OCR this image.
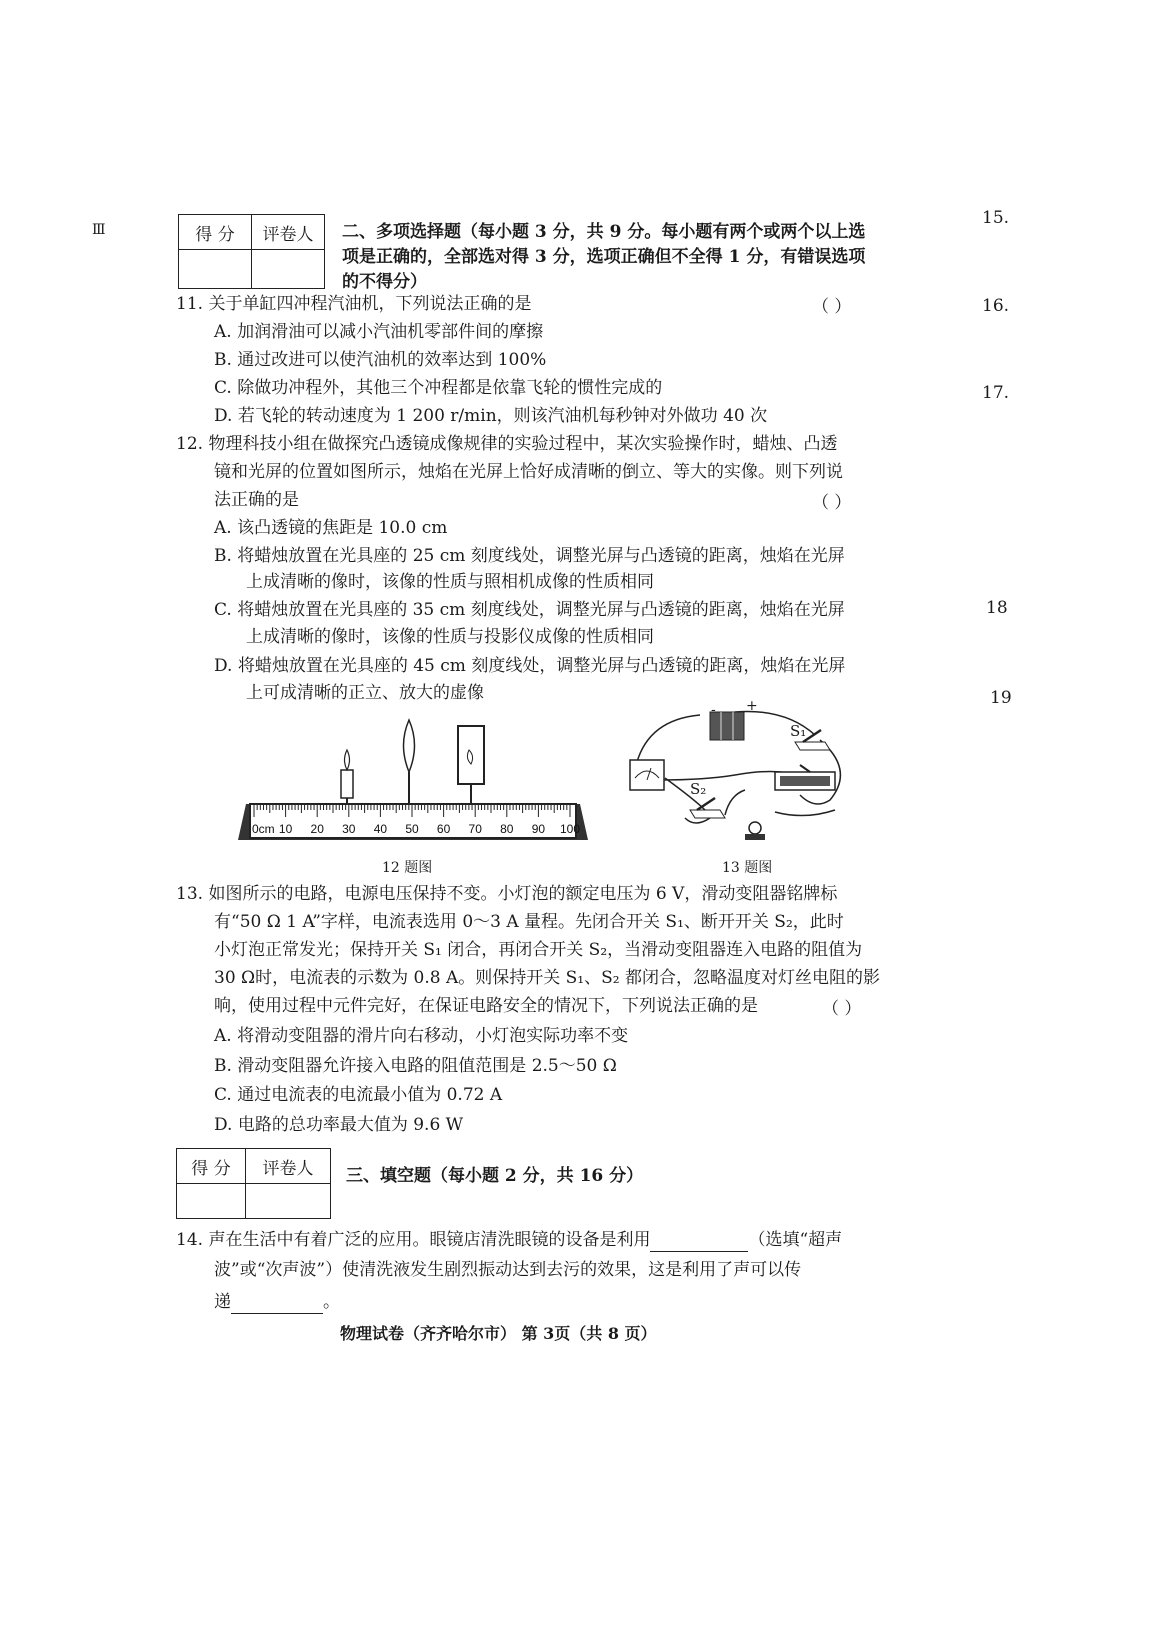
Ⅲ	得 分	评卷人
	二、多项选择题（每小题 3 分，共 9 分。每小题有两个或两个以上选
项是正确的，全部选对得 3 分，选项正确但不全得 1 分，有错误选项
的不得分）
11. 关于单缸四冲程汽油机，下列说法正确的是	（ ）
A. 加润滑油可以减小汽油机零部件间的摩擦
B. 通过改进可以使汽油机的效率达到 100%
C. 除做功冲程外，其他三个冲程都是依靠飞轮的惯性完成的
D. 若飞轮的转动速度为 1 200 r/min，则该汽油机每秒钟对外做功 40 次
12. 物理科技小组在做探究凸透镜成像规律的实验过程中，某次实验操作时，蜡烛、凸透
镜和光屏的位置如图所示，烛焰在光屏上恰好成清晰的倒立、等大的实像。则下列说
法正确的是	（ ）
A. 该凸透镜的焦距是 10.0 cm
B. 将蜡烛放置在光具座的 25 cm 刻度线处，调整光屏与凸透镜的距离，烛焰在光屏
上成清晰的像时，该像的性质与照相机成像的性质相同
C. 将蜡烛放置在光具座的 35 cm 刻度线处，调整光屏与凸透镜的距离，烛焰在光屏
上成清晰的像时，该像的性质与投影仪成像的性质相同
D. 将蜡烛放置在光具座的 45 cm 刻度线处，调整光屏与凸透镜的距离，烛焰在光屏
上可成清晰的正立、放大的虚像
0cm 10 20 30 40 50 60 70 80 90 100
12 题图
- +
S₁
S₂
13 题图
13. 如图所示的电路，电源电压保持不变。小灯泡的额定电压为 6 V，滑动变阻器铭牌标
有“50 Ω 1 A”字样，电流表选用 0～3 A 量程。先闭合开关 S₁、断开开关 S₂，此时
小灯泡正常发光；保持开关 S₁ 闭合，再闭合开关 S₂，当滑动变阻器连入电路的阻值为
30 Ω时，电流表的示数为 0.8 A。则保持开关 S₁、S₂ 都闭合，忽略温度对灯丝电阻的影
响，使用过程中元件完好，在保证电路安全的情况下，下列说法正确的是	（ ）
A. 将滑动变阻器的滑片向右移动，小灯泡实际功率不变
B. 滑动变阻器允许接入电路的阻值范围是 2.5～50 Ω
C. 通过电流表的电流最小值为 0.72 A
D. 电路的总功率最大值为 9.6 W
得 分	评卷人
	三、填空题（每小题 2 分，共 16 分）
14. 声在生活中有着广泛的应用。眼镜店清洗眼镜的设备是利用	（选填“超声
波”或“次声波”）使清洗液发生剧烈振动达到去污的效果，这是利用了声可以传
递	。
物理试卷（齐齐哈尔市） 第 3页（共 8 页）
15.
16.
17.
18
19
